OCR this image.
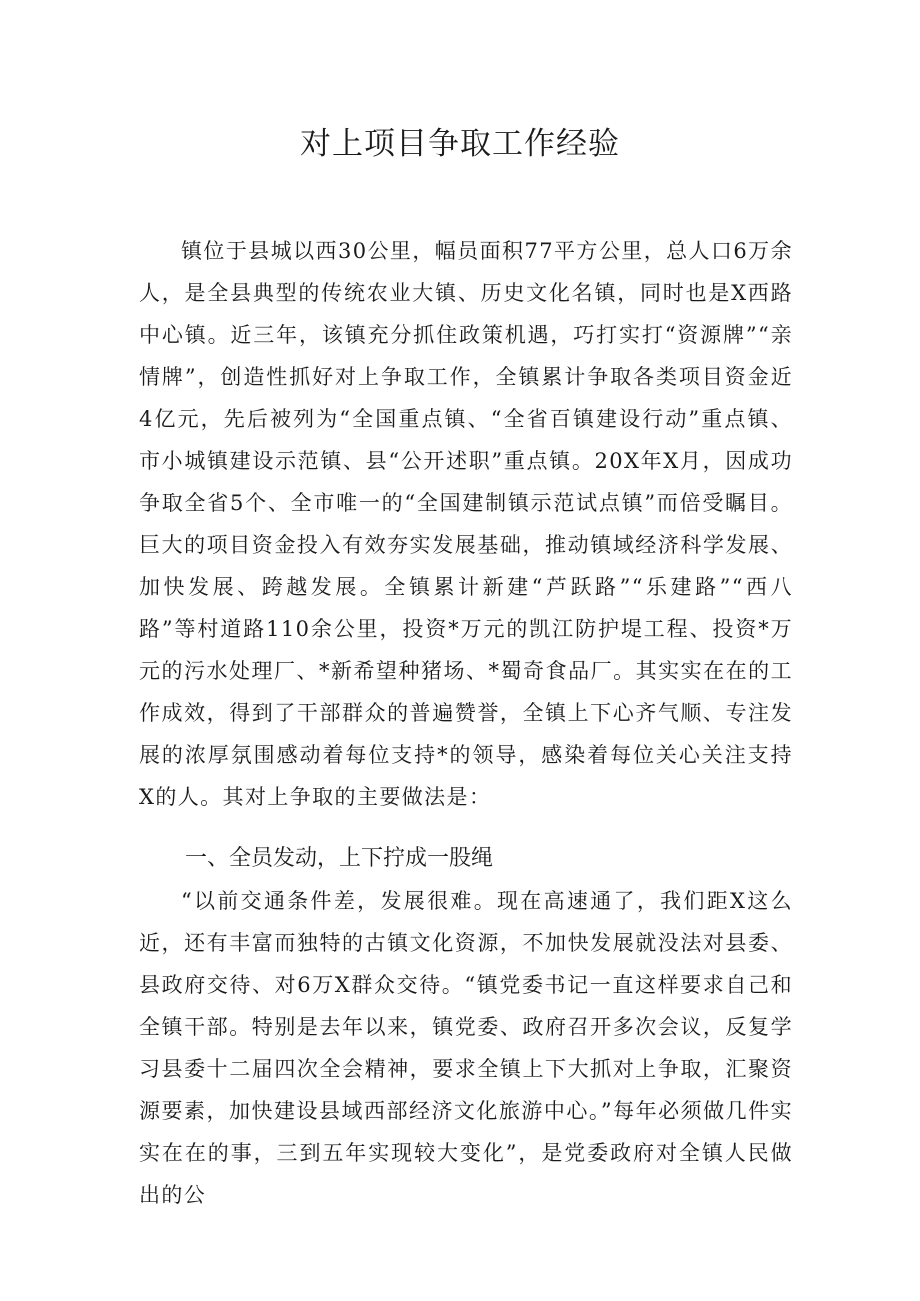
对上项目争取工作经验

镇位于县城以西30公里，幅员面积77平方公里，总人口6万余人，是全县典型的传统农业大镇、历史文化名镇，同时也是X西路中心镇。近三年，该镇充分抓住政策机遇，巧打实打“资源牌”“亲情牌”，创造性抓好对上争取工作，全镇累计争取各类项目资金近4亿元，先后被列为“全国重点镇、“全省百镇建设行动”重点镇、市小城镇建设示范镇、县“公开述职”重点镇。20X年X月，因成功争取全省5个、全市唯一的“全国建制镇示范试点镇”而倍受瞩目。巨大的项目资金投入有效夯实发展基础，推动镇域经济科学发展、加快发展、跨越发展。全镇累计新建“芦跃路”“乐建路”“西八路”等村道路110余公里，投资*万元的凯江防护堤工程、投资*万元的污水处理厂、*新希望种猪场、*蜀奇食品厂。其实实在在的工作成效，得到了干部群众的普遍赞誉，全镇上下心齐气顺、专注发展的浓厚氛围感动着每位支持*的领导，感染着每位关心关注支持X的人。其对上争取的主要做法是：

一、全员发动，上下拧成一股绳

“以前交通条件差，发展很难。现在高速通了，我们距X这么近，还有丰富而独特的古镇文化资源，不加快发展就没法对县委、县政府交待、对6万X群众交待。“镇党委书记一直这样要求自己和全镇干部。特别是去年以来，镇党委、政府召开多次会议，反复学习县委十二届四次全会精神，要求全镇上下大抓对上争取，汇聚资源要素，加快建设县域西部经济文化旅游中心。”每年必须做几件实实在在的事，三到五年实现较大变化”，是党委政府对全镇人民做出的公
